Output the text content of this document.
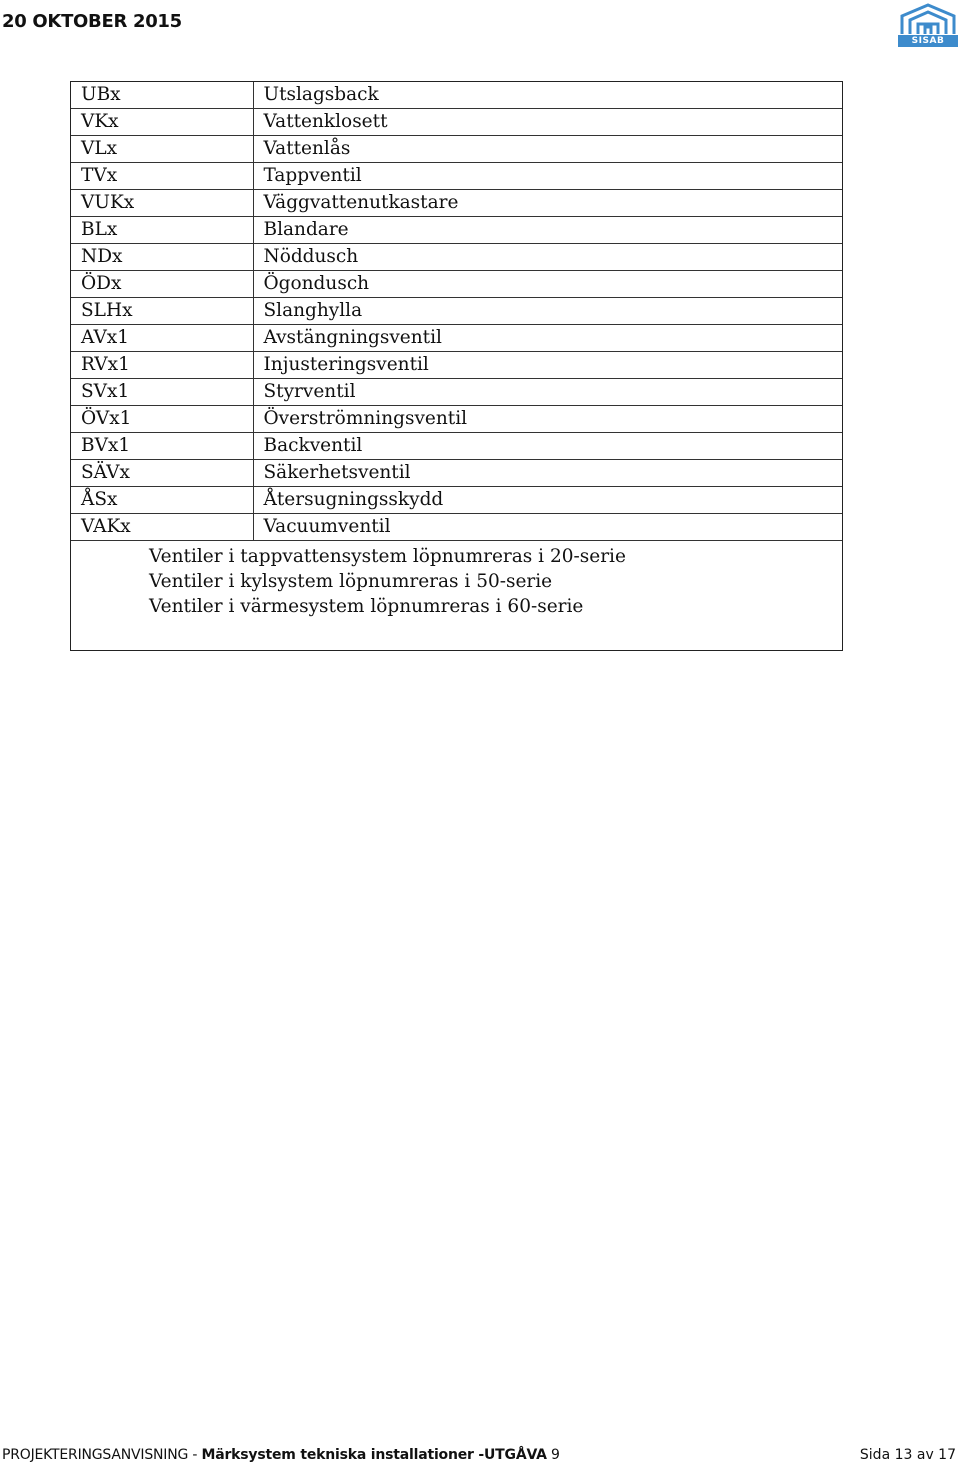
20 OKTOBER 2015
SISAB
UBx	Utslagsback
VKx	Vattenklosett
VLx	Vattenlås
TVx	Tappventil
VUKx	Väggvattenutkastare
BLx	Blandare
NDx	Nöddusch
ÖDx	Ögondusch
SLHx	Slanghylla
AVx1	Avstängningsventil
RVx1	Injusteringsventil
SVx1	Styrventil
ÖVx1	Överströmningsventil
BVx1	Backventil
SÄVx	Säkerhetsventil
ÅSx	Återsugningsskydd
VAKx	Vacuumventil
Ventiler i tappvattensystem löpnumreras i 20-serie
Ventiler i kylsystem löpnumreras i 50-serie
Ventiler i värmesystem löpnumreras i 60-serie
PROJEKTERINGSANVISNING - Märksystem tekniska installationer -UTGÅVA 9	Sida 13 av 17
